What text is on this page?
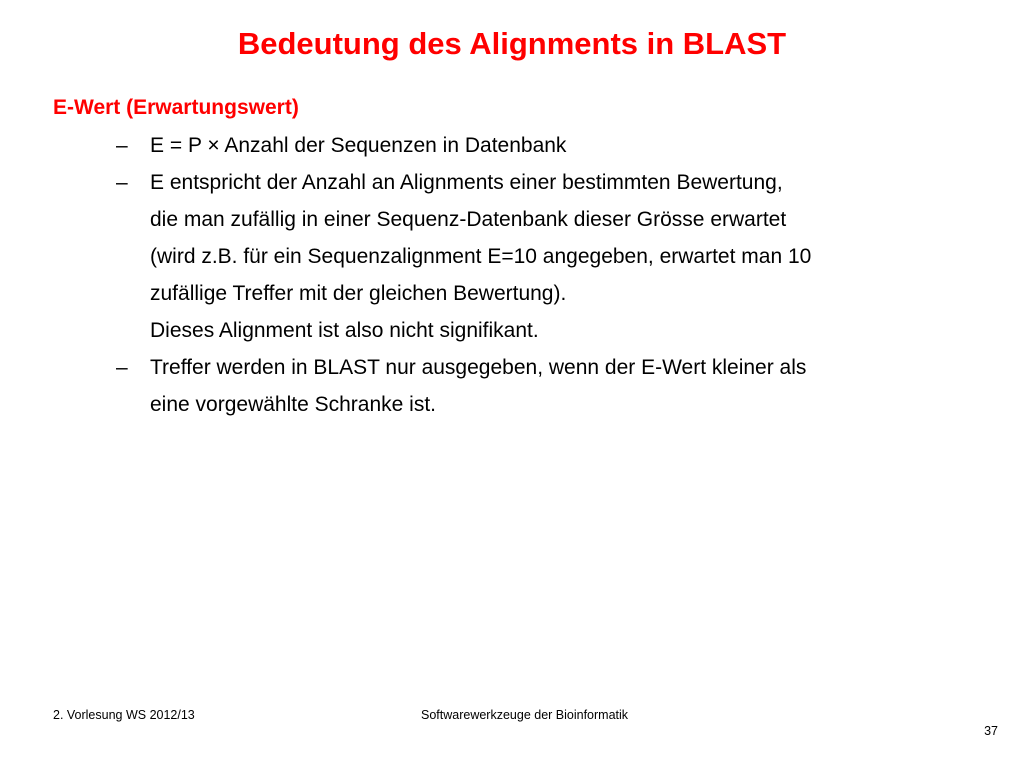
Bedeutung des Alignments in BLAST
E-Wert (Erwartungswert)
– E = P × Anzahl der Sequenzen in Datenbank
– E entspricht der Anzahl an Alignments einer bestimmten Bewertung,
die man zufällig in einer Sequenz-Datenbank dieser Grösse erwartet
(wird z.B. für ein Sequenzalignment E=10 angegeben, erwartet man 10
zufällige Treffer mit der gleichen Bewertung).
Dieses Alignment ist also nicht signifikant.
– Treffer werden in BLAST nur ausgegeben, wenn der E-Wert kleiner als
eine vorgewählte Schranke ist.
2. Vorlesung WS 2012/13	Softwarewerkzeuge der Bioinformatik
37
